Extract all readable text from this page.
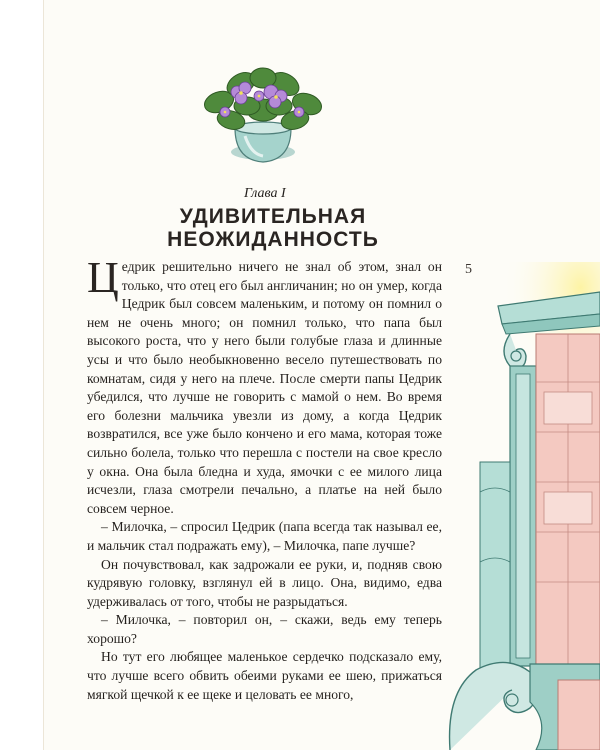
5
Глава I
УДИВИТЕЛЬНАЯ
НЕОЖИДАННОСТЬ

Цедрик решительно ничего не знал об этом, знал он только, что отец его был англичанин; но он умер, когда Цедрик был совсем маленьким, и потому он помнил о нем не очень много; он помнил только, что папа был высокого роста, что у него были голубые глаза и длинные усы и что было необыкновенно весело путешествовать по комнатам, сидя у него на плече. После смерти папы Цедрик убедился, что лучше не говорить с мамой о нем. Во время его болезни мальчика увезли из дому, а когда Цедрик возвратился, все уже было кончено и его мама, которая тоже сильно болела, только что перешла с постели на свое кресло у окна. Она была бледна и худа, ямочки с ее милого лица исчезли, глаза смотрели печально, а платье на ней было совсем черное.

– Милочка, – спросил Цедрик (папа всегда так называл ее, и мальчик стал подражать ему), – Милочка, папе лучше?

Он почувствовал, как задрожали ее руки, и, подняв свою кудрявую головку, взглянул ей в лицо. Она, видимо, едва удерживалась от того, чтобы не разрыдаться.

– Милочка, – повторил он, – скажи, ведь ему теперь хорошо?

Но тут его любящее маленькое сердечко подсказало ему, что лучше всего обвить обеими руками ее шею, прижаться мягкой щечкой к ее щеке и целовать ее много,
